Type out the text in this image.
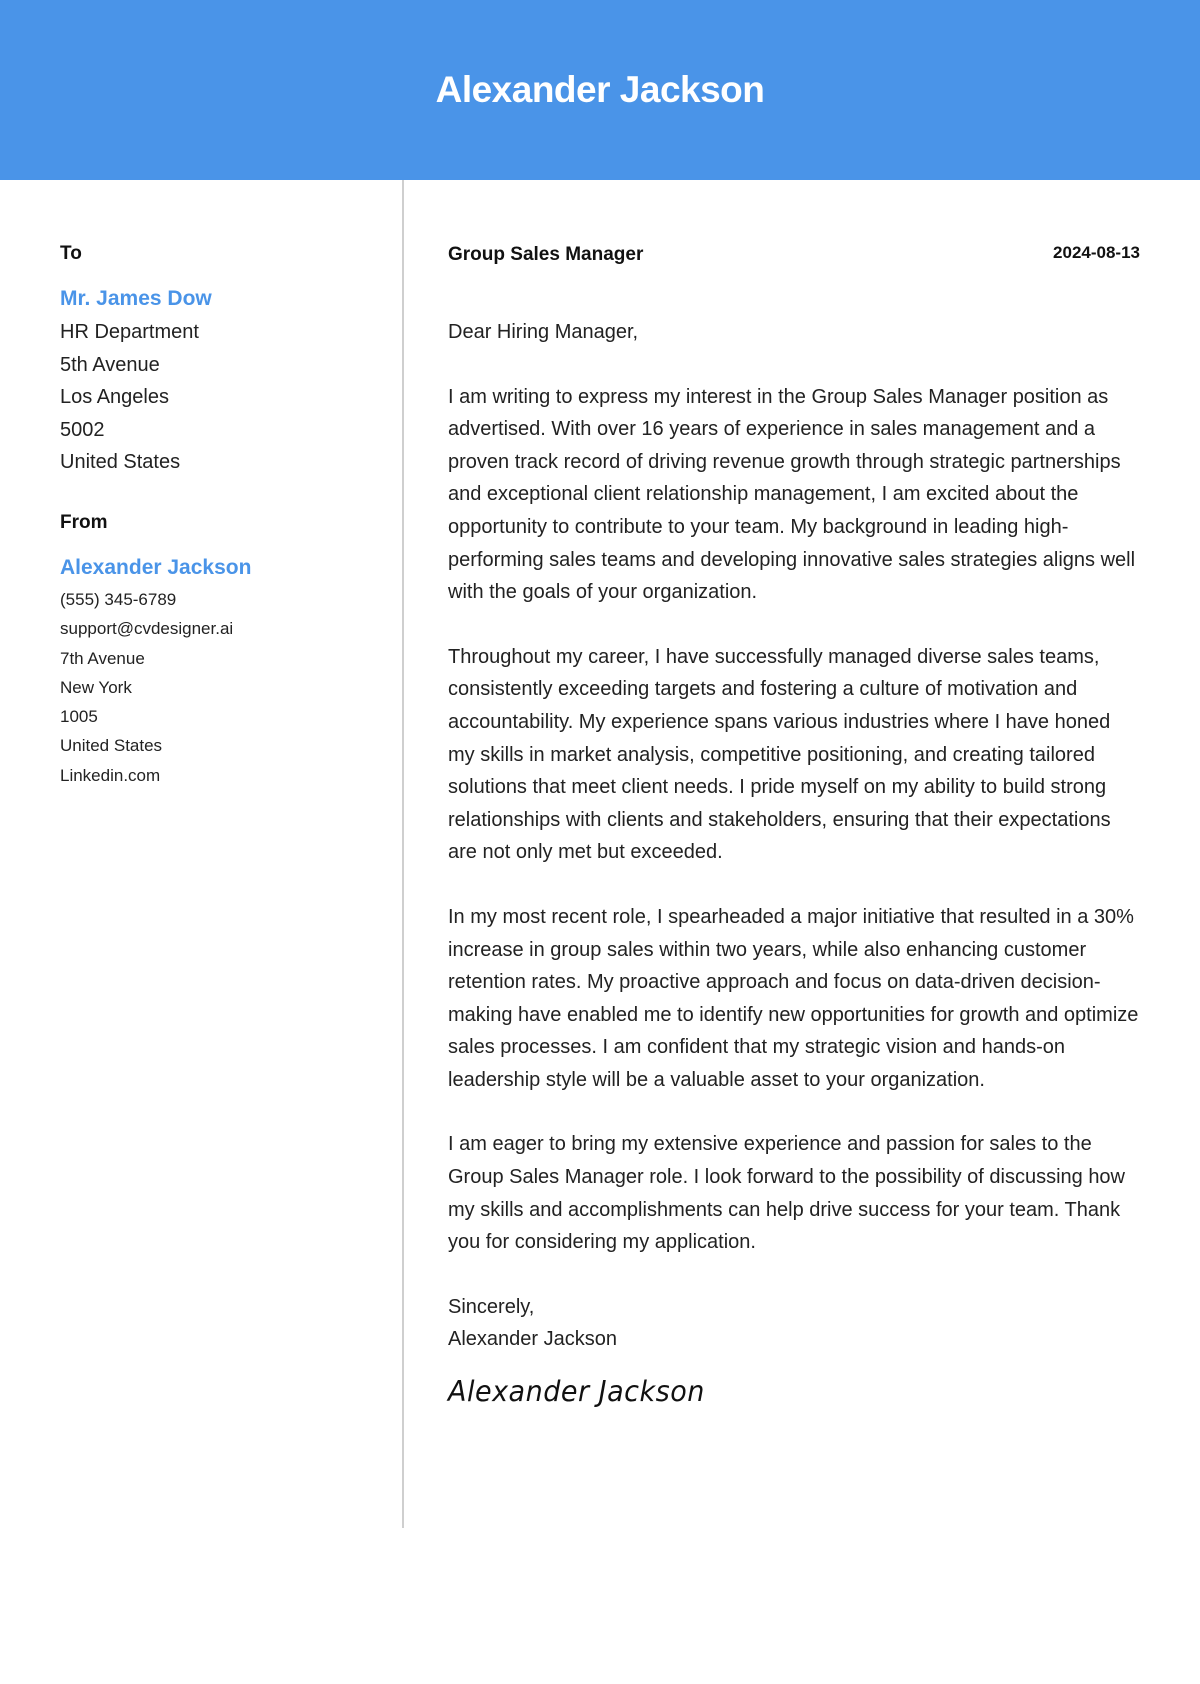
Alexander Jackson
To
Mr. James Dow
HR Department
5th Avenue
Los Angeles
5002
United States
From
Alexander Jackson
(555) 345-6789
support@cvdesigner.ai
7th Avenue
New York
1005
United States
Linkedin.com
Group Sales Manager	2024-08-13

Dear Hiring Manager,

I am writing to express my interest in the Group Sales Manager position as advertised. With over 16 years of experience in sales management and a proven track record of driving revenue growth through strategic partnerships and exceptional client relationship management, I am excited about the opportunity to contribute to your team. My background in leading high-performing sales teams and developing innovative sales strategies aligns well with the goals of your organization.

Throughout my career, I have successfully managed diverse sales teams, consistently exceeding targets and fostering a culture of motivation and accountability. My experience spans various industries where I have honed my skills in market analysis, competitive positioning, and creating tailored solutions that meet client needs. I pride myself on my ability to build strong relationships with clients and stakeholders, ensuring that their expectations are not only met but exceeded.

In my most recent role, I spearheaded a major initiative that resulted in a 30% increase in group sales within two years, while also enhancing customer retention rates. My proactive approach and focus on data-driven decision-making have enabled me to identify new opportunities for growth and optimize sales processes. I am confident that my strategic vision and hands-on leadership style will be a valuable asset to your organization.

I am eager to bring my extensive experience and passion for sales to the Group Sales Manager role. I look forward to the possibility of discussing how my skills and accomplishments can help drive success for your team. Thank you for considering my application.

Sincerely,
Alexander Jackson
Alexander Jackson
